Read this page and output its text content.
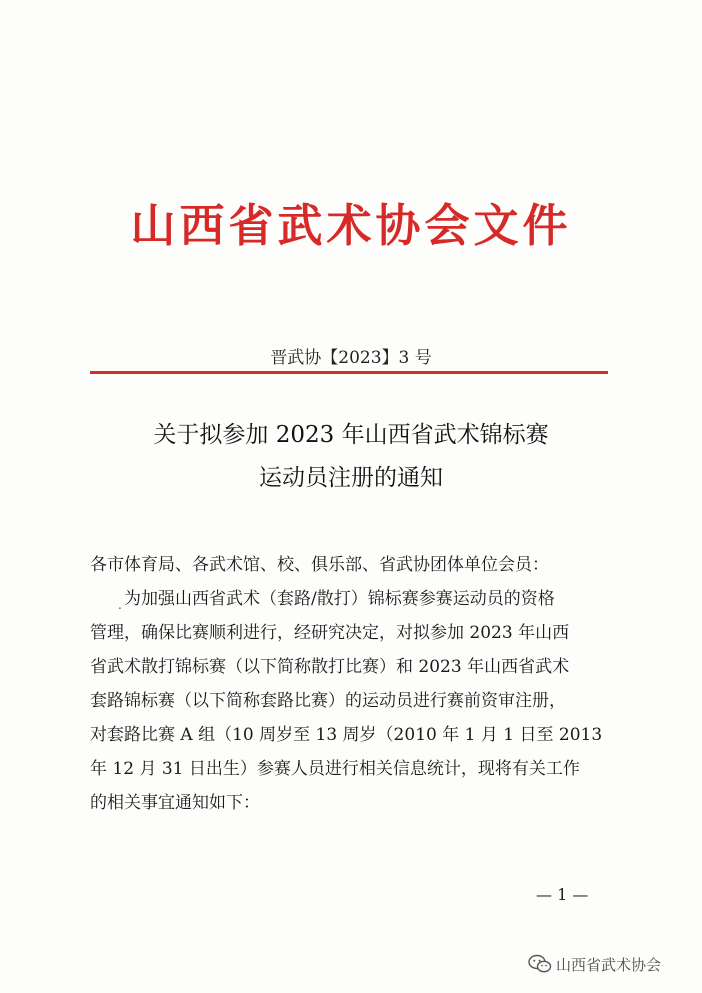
山西省武术协会文件
晋武协【2023】3 号
关于拟参加 2023 年山西省武术锦标赛
运动员注册的通知
各市体育局、各武术馆、校、俱乐部、省武协团体单位会员：
. 为加强山西省武术（套路/散打）锦标赛参赛运动员的资格
管理，确保比赛顺利进行，经研究决定，对拟参加 2023 年山西
省武术散打锦标赛（以下简称散打比赛）和 2023 年山西省武术
套路锦标赛（以下简称套路比赛）的运动员进行赛前资审注册，
对套路比赛 A 组（10 周岁至 13 周岁（2010 年 1 月 1 日至 2013
年 12 月 31 日出生）参赛人员进行相关信息统计，现将有关工作
的相关事宜通知如下：
— 1 —
山西省武术协会
